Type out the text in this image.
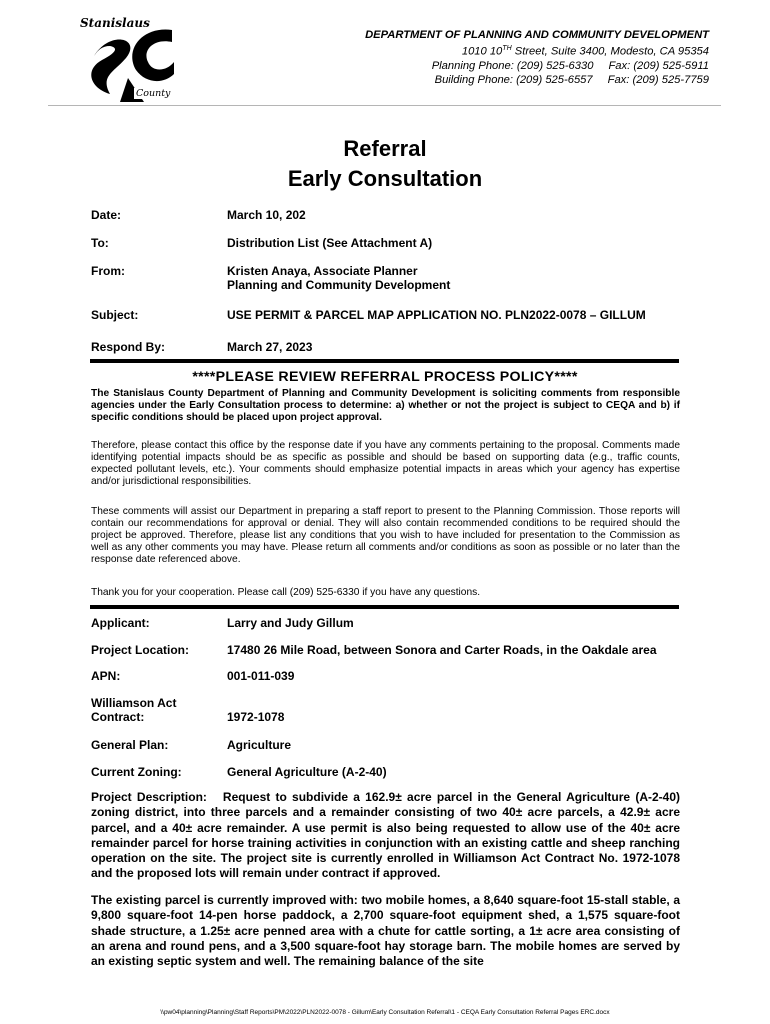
Stanislaus
County
DEPARTMENT OF PLANNING AND COMMUNITY DEVELOPMENT
1010 10TH Street, Suite 3400, Modesto, CA 95354
Planning Phone: (209) 525-6330 Fax: (209) 525-5911
Building Phone: (209) 525-6557 Fax: (209) 525-7759
Referral
Early Consultation
Date:	March 10, 202
To:	Distribution List (See Attachment A)
From:	Kristen Anaya, Associate Planner
Planning and Community Development
Subject:	USE PERMIT & PARCEL MAP APPLICATION NO. PLN2022-0078 – GILLUM
Respond By:	March 27, 2023
****PLEASE REVIEW REFERRAL PROCESS POLICY****
The Stanislaus County Department of Planning and Community Development is soliciting comments from responsible agencies under the Early Consultation process to determine: a) whether or not the project is subject to CEQA and b) if specific conditions should be placed upon project approval.
Therefore, please contact this office by the response date if you have any comments pertaining to the proposal. Comments made identifying potential impacts should be as specific as possible and should be based on supporting data (e.g., traffic counts, expected pollutant levels, etc.). Your comments should emphasize potential impacts in areas which your agency has expertise and/or jurisdictional responsibilities.
These comments will assist our Department in preparing a staff report to present to the Planning Commission. Those reports will contain our recommendations for approval or denial. They will also contain recommended conditions to be required should the project be approved. Therefore, please list any conditions that you wish to have included for presentation to the Commission as well as any other comments you may have. Please return all comments and/or conditions as soon as possible or no later than the response date referenced above.
Thank you for your cooperation. Please call (209) 525-6330 if you have any questions.
Applicant:	Larry and Judy Gillum
Project Location:	17480 26 Mile Road, between Sonora and Carter Roads, in the Oakdale area
APN:	001-011-039
Williamson Act
Contract:	1972-1078
General Plan:	Agriculture
Current Zoning:	General Agriculture (A-2-40)
Project Description: Request to subdivide a 162.9± acre parcel in the General Agriculture (A-2-40) zoning district, into three parcels and a remainder consisting of two 40± acre parcels, a 42.9± acre parcel, and a 40± acre remainder. A use permit is also being requested to allow use of the 40± acre remainder parcel for horse training activities in conjunction with an existing cattle and sheep ranching operation on the site. The project site is currently enrolled in Williamson Act Contract No. 1972-1078 and the proposed lots will remain under contract if approved.
The existing parcel is currently improved with: two mobile homes, a 8,640 square-foot 15-stall stable, a 9,800 square-foot 14-pen horse paddock, a 2,700 square-foot equipment shed, a 1,575 square-foot shade structure, a 1.25± acre penned area with a chute for cattle sorting, a 1± acre area consisting of an arena and round pens, and a 3,500 square-foot hay storage barn. The mobile homes are served by an existing septic system and well. The remaining balance of the site
\\pw04\planning\Planning\Staff Reports\PM\2022\PLN2022-0078 - Gillum\Early Consultation Referral\1 - CEQA Early Consultation Referral Pages ERC.docx
